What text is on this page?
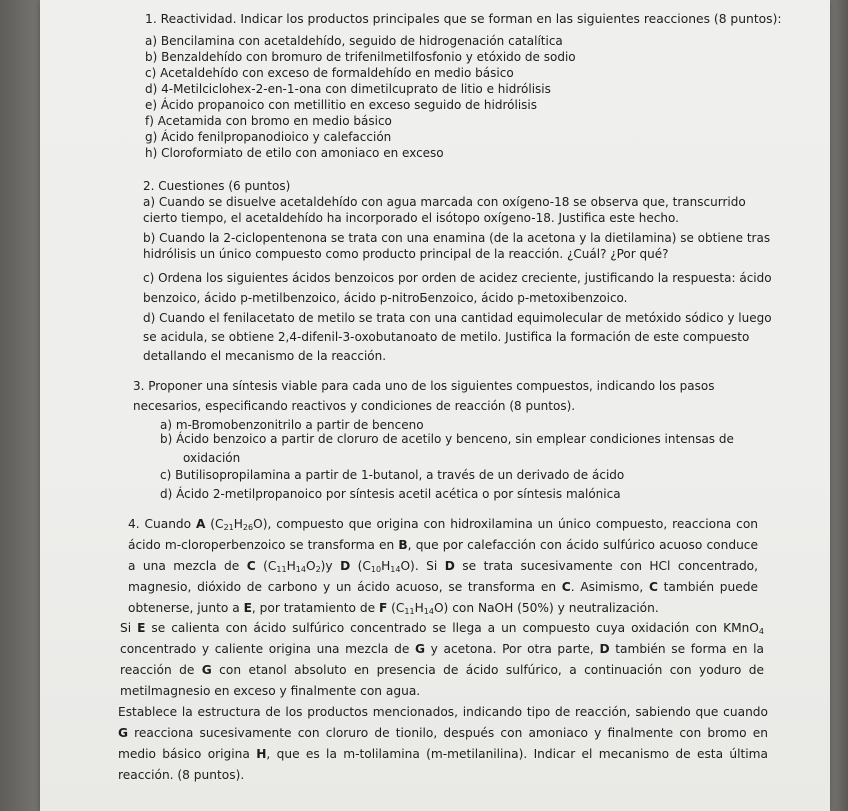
1. Reactividad. Indicar los productos principales que se forman en las siguientes reacciones (8 puntos):
a) Bencilamina con acetaldehído, seguido de hidrogenación catalítica
b) Benzaldehído con bromuro de trifenilmetilfosfonio y etóxido de sodio
c) Acetaldehído con exceso de formaldehído en medio básico
d) 4-Metilciclohex-2-en-1-ona con dimetilcuprato de litio e hidrólisis
e) Ácido propanoico con metillitio en exceso seguido de hidrólisis
f) Acetamida con bromo en medio básico
g) Ácido fenilpropanodioico y calefacción
h) Cloroformiato de etilo con amoniaco en exceso
2. Cuestiones (6 puntos)
a) Cuando se disuelve acetaldehído con agua marcada con oxígeno-18 se observa que, transcurrido
cierto tiempo, el acetaldehído ha incorporado el isótopo oxígeno-18. Justifica este hecho.
b) Cuando la 2-ciclopentenona se trata con una enamina (de la acetona y la dietilamina) se obtiene tras
hidrólisis un único compuesto como producto principal de la reacción. ¿Cuál? ¿Por qué?
c) Ordena los siguientes ácidos benzoicos por orden de acidez creciente, justificando la respuesta: ácido
benzoico, ácido p-metilbenzoico, ácido p-nitroБenzoico, ácido p-metoxibenzoico.
d) Cuando el fenilacetato de metilo se trata con una cantidad equimolecular de metóxido sódico y luego
se acidula, se obtiene 2,4-difenil-3-oxobutanoato de metilo. Justifica la formación de este compuesto
detallando el mecanismo de la reacción.
3. Proponer una síntesis viable para cada uno de los siguientes compuestos, indicando los pasos
necesarios, especificando reactivos y condiciones de reacción (8 puntos).
a) m-Bromobenzonitrilo a partir de benceno
b) Ácido benzoico a partir de cloruro de acetilo y benceno, sin emplear condiciones intensas de
oxidación
c) Butilisopropilamina a partir de 1-butanol, a través de un derivado de ácido
d) Ácido 2-metilpropanoico por síntesis acetil acética o por síntesis malónica

4. Cuando A $(C_{21}H_{26}O)$, compuesto que origina con hidroxilamina un único compuesto, reacciona con ácido m-cloroperbenzoico se transforma en B, que por calefacción con ácido sulfúrico acuoso conduce a una mezcla de C $(C_{11}H_{14}O_2)y$ D $(C_{10}H_{14}O)$. Si D se trata sucesivamente con HCl concentrado, magnesio, dióxido de carbono y un ácido acuoso, se transforma en C. Asimismo, C también puede obtenerse, junto a E, por tratamiento de F $(C_{11}H_{14}O)$ con NaOH (50%) y neutralización.

Si E se calienta con ácido sulfúrico concentrado se llega a un compuesto cuya oxidación con KMnO$_4$ concentrado y caliente origina una mezcla de G y acetona. Por otra parte, D también se forma en la reacción de G con etanol absoluto en presencia de ácido sulfúrico, a continuación con yoduro de metilmagnesio en exceso y finalmente con agua.

Establece la estructura de los productos mencionados, indicando tipo de reacción, sabiendo que cuando G reacciona sucesivamente con cloruro de tionilo, después con amoniaco y finalmente con bromo en medio básico origina H, que es la m-tolilamina (m-metilanilina). Indicar el mecanismo de esta última reacción. (8 puntos).
